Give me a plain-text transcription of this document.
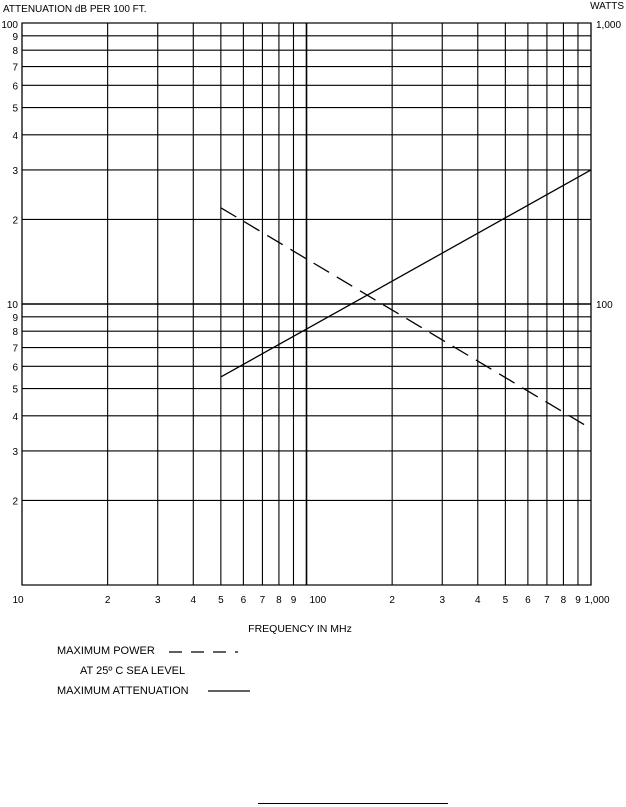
10	2	3	4 5 6 7 8 9 100	2	3	4 5 6 7 8 9 1,000
2
3
4
5
6
7
8
9
10
2
3
4
5
6
7
8
9
100
100
1,000
ATTENUATION dB PER 100 FT.	WATTS
FREQUENCY IN MHz
MAXIMUM POWER
AT 25º C SEA LEVEL
MAXIMUM ATTENUATION
